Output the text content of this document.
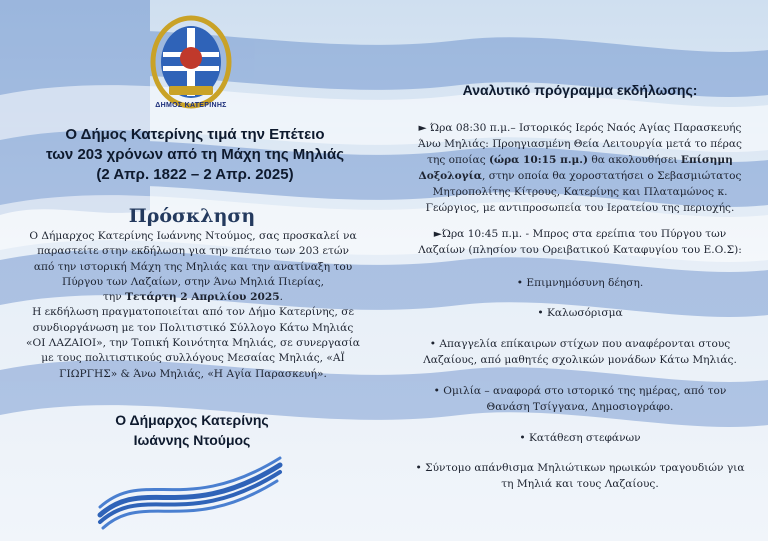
ΔΗΜΟΣ ΚΑΤΕΡΙΝΗΣ
Ο Δήμος Κατερίνης τιμά την Επέτειο
των 203 χρόνων από τη Μάχη της Μηλιάς
(2 Απρ. 1822 – 2 Απρ. 2025)
Πρόσκληση
Ο Δήμαρχος Κατερίνης Ιωάννης Ντούμος, σας προσκαλεί να
παραστείτε στην εκδήλωση για την επέτειο των 203 ετών
από την ιστορική Μάχη της Μηλιάς και την ανατίναξη του
Πύργου των Λαζαίων, στην Άνω Μηλιά Πιερίας,
την Τετάρτη 2 Απριλίου 2025.
Η εκδήλωση πραγματοποιείται από τον Δήμο Κατερίνης, σε
συνδιοργάνωση με τον Πολιτιστικό Σύλλογο Κάτω Μηλιάς
«ΟΙ ΛΑΖΑΙΟΙ», την Τοπική Κοινότητα Μηλιάς, σε συνεργασία
με τους πολιτιστικούς συλλόγους Μεσαίας Μηλιάς, «ΑΪ
ΓΙΩΡΓΗΣ» & Άνω Μηλιάς, «Η Αγία Παρασκευή».
Ο Δήμαρχος Κατερίνης
Ιωάννης Ντούμος
Αναλυτικό πρόγραμμα εκδήλωσης:
► Ώρα 08:30 π.μ.– Ιστορικός Ιερός Ναός Αγίας Παρασκευής
Άνω Μηλιάς: Προηγιασμένη Θεία Λειτουργία μετά το πέρας
της οποίας (ώρα 10:15 π.μ.) θα ακολουθήσει Επίσημη
Δοξολογία, στην οποία θα χοροστατήσει ο Σεβασμιώτατος
Μητροπολίτης Κίτρους, Κατερίνης και Πλαταμώνος κ.
Γεώργιος, με αντιπροσωπεία του Ιερατείου της περιοχής.
►Ώρα 10:45 π.μ. - Μπρος στα ερείπια του Πύργου των
Λαζαίων (πλησίον του Ορειβατικού Καταφυγίου του Ε.Ο.Σ):
• Επιμνημόσυνη δέηση.
• Καλωσόρισμα
• Απαγγελία επίκαιρων στίχων που αναφέρονται στους
Λαζαίους, από μαθητές σχολικών μονάδων Κάτω Μηλιάς.
• Ομιλία – αναφορά στο ιστορικό της ημέρας, από τον
Θανάση Τσίγγανα, Δημοσιογράφο.
• Κατάθεση στεφάνων
• Σύντομο απάνθισμα Μηλιώτικων ηρωικών τραγουδιών για
τη Μηλιά και τους Λαζαίους.
